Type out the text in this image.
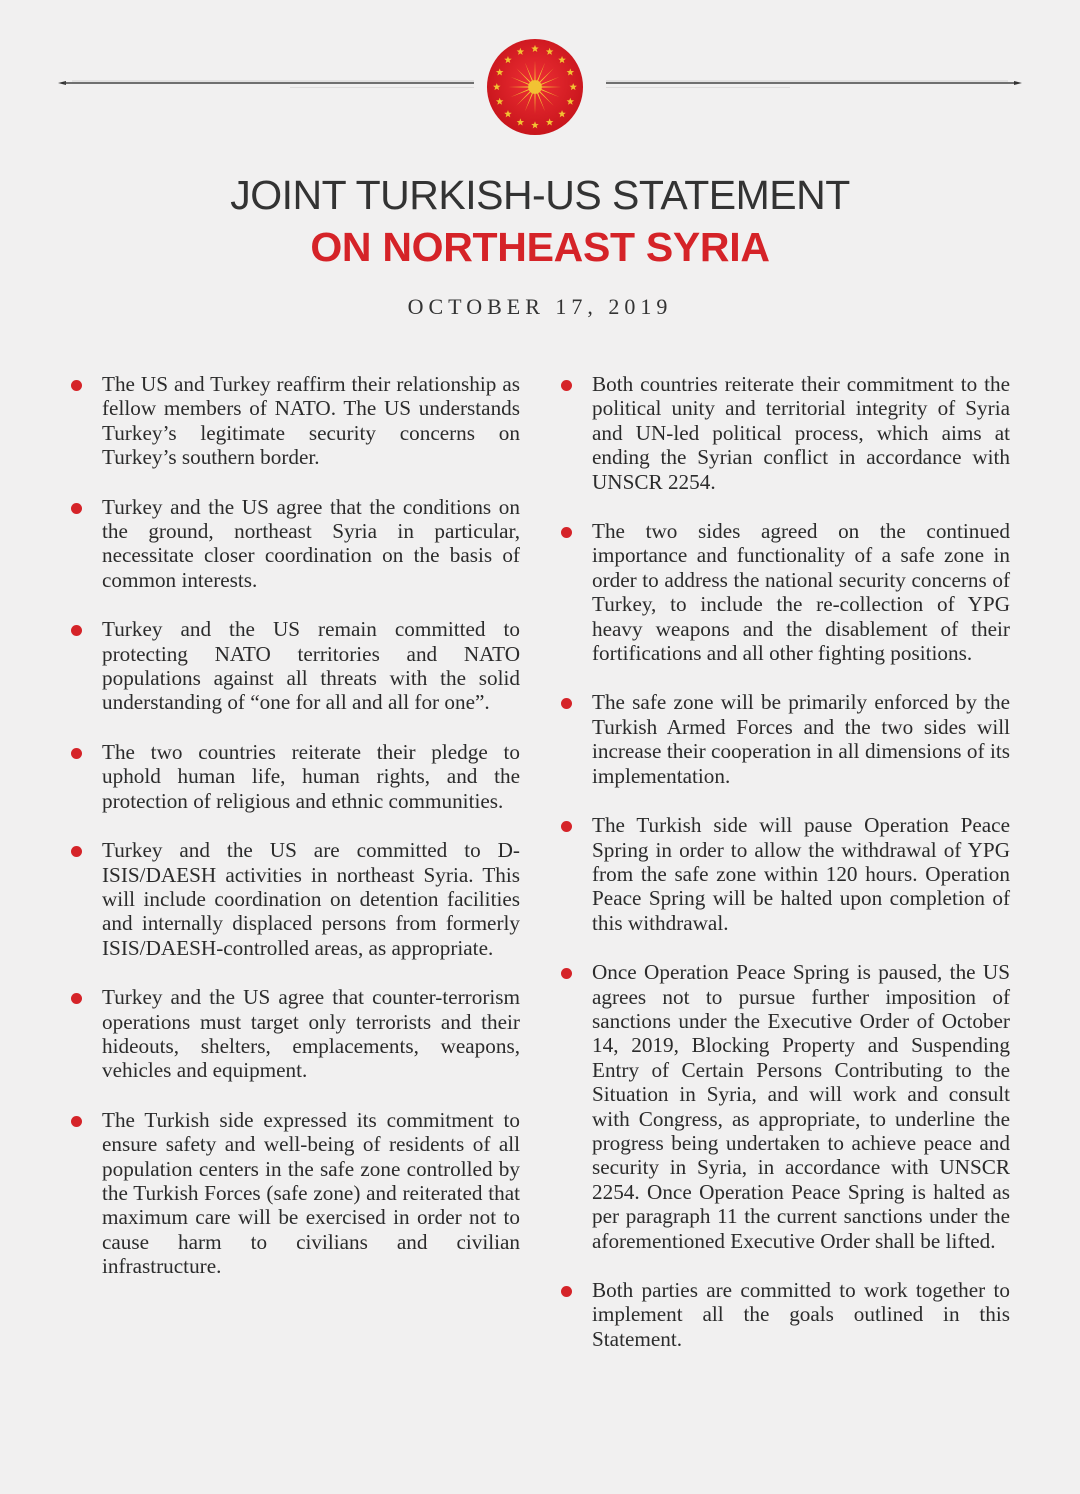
JOINT TURKISH-US STATEMENT
ON NORTHEAST SYRIA
OCTOBER 17, 2019
The US and Turkey reaffirm their relationship as fellow members of NATO. The US understands Turkey’s legitimate security concerns on Turkey’s southern border.
Turkey and the US agree that the conditions on the ground, northeast Syria in particular, necessitate closer coordination on the basis of common interests.
Turkey and the US remain committed to protecting NATO territories and NATO populations against all threats with the solid understanding of “one for all and all for one”.
The two countries reiterate their pledge to uphold human life, human rights, and the protection of religious and ethnic communities.
Turkey and the US are committed to D-ISIS/DAESH activities in northeast Syria. This will include coordination on detention facilities and internally displaced persons from formerly ISIS/DAESH-controlled areas, as appropriate.
Turkey and the US agree that counter-terrorism operations must target only terrorists and their hideouts, shelters, emplacements, weapons, vehicles and equipment.
The Turkish side expressed its commitment to ensure safety and well-being of residents of all population centers in the safe zone controlled by the Turkish Forces (safe zone) and reiterated that maximum care will be exercised in order not to cause harm to civilians and civilian infrastructure.
Both countries reiterate their commitment to the political unity and territorial integrity of Syria and UN-led political process, which aims at ending the Syrian conflict in accordance with UNSCR 2254.
The two sides agreed on the continued importance and functionality of a safe zone in order to address the national security concerns of Turkey, to include the re-collection of YPG heavy weapons and the disablement of their fortifications and all other fighting positions.
The safe zone will be primarily enforced by the Turkish Armed Forces and the two sides will increase their cooperation in all dimensions of its implementation.
The Turkish side will pause Operation Peace Spring in order to allow the withdrawal of YPG from the safe zone within 120 hours. Operation Peace Spring will be halted upon completion of this withdrawal.
Once Operation Peace Spring is paused, the US agrees not to pursue further imposition of sanctions under the Executive Order of October 14, 2019, Blocking Property and Suspending Entry of Certain Persons Contributing to the Situation in Syria, and will work and consult with Congress, as appropriate, to underline the progress being undertaken to achieve peace and security in Syria, in accordance with UNSCR 2254. Once Operation Peace Spring is halted as per paragraph 11 the current sanctions under the aforementioned Executive Order shall be lifted.
Both parties are committed to work together to implement all the goals outlined in this Statement.
